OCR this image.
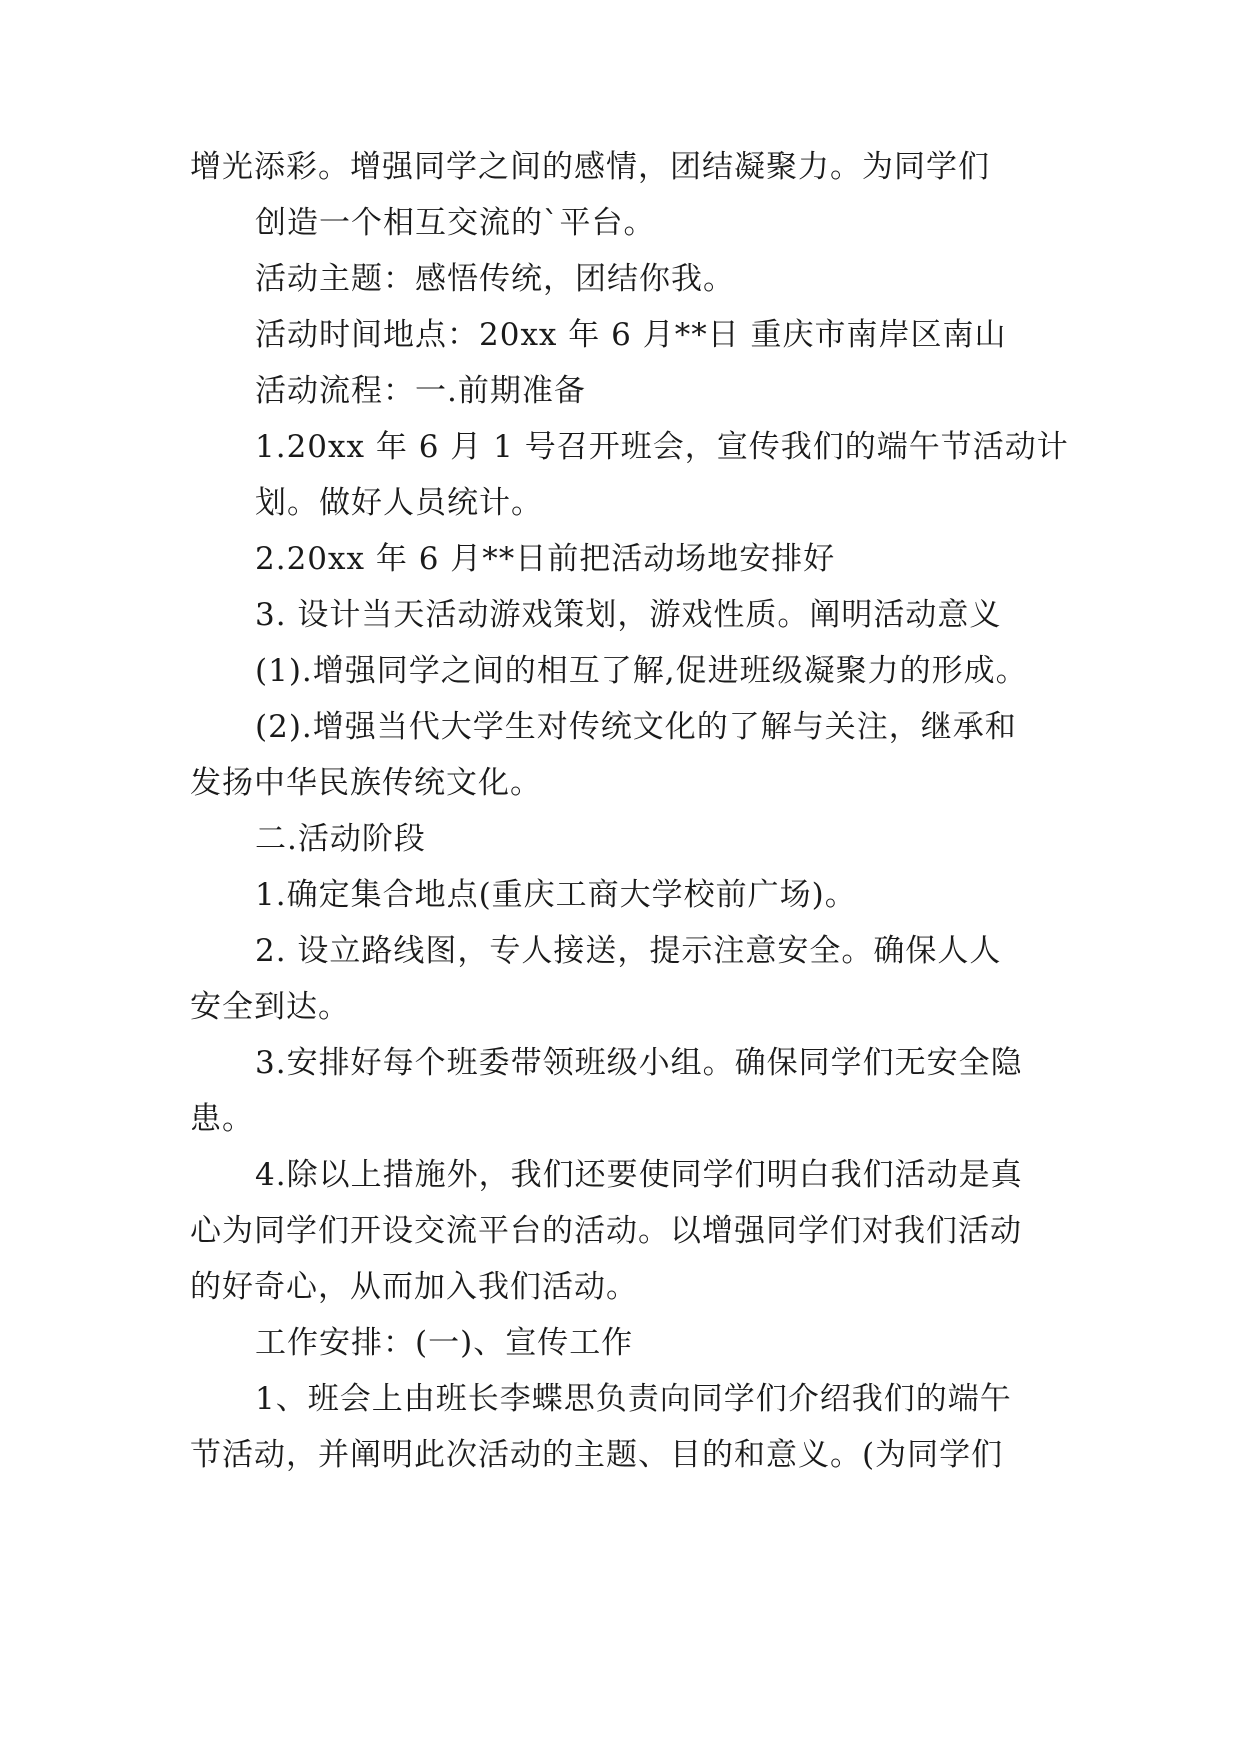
增光添彩。增强同学之间的感情，团结凝聚力。为同学们
创造一个相互交流的`平台。
活动主题：感悟传统，团结你我。
活动时间地点：20xx 年 6 月**日 重庆市南岸区南山
活动流程：一.前期准备
1.20xx 年 6 月 1 号召开班会，宣传我们的端午节活动计
划。做好人员统计。
2.20xx 年 6 月**日前把活动场地安排好
3. 设计当天活动游戏策划，游戏性质。阐明活动意义
(1).增强同学之间的相互了解,促进班级凝聚力的形成。
(2).增强当代大学生对传统文化的了解与关注，继承和
发扬中华民族传统文化。
二.活动阶段
1.确定集合地点(重庆工商大学校前广场)。
2. 设立路线图，专人接送，提示注意安全。确保人人
安全到达。
3.安排好每个班委带领班级小组。确保同学们无安全隐
患。
4.除以上措施外，我们还要使同学们明白我们活动是真
心为同学们开设交流平台的活动。以增强同学们对我们活动
的好奇心，从而加入我们活动。
工作安排：(一)、宣传工作
1、班会上由班长李蝶思负责向同学们介绍我们的端午
节活动，并阐明此次活动的主题、目的和意义。(为同学们
